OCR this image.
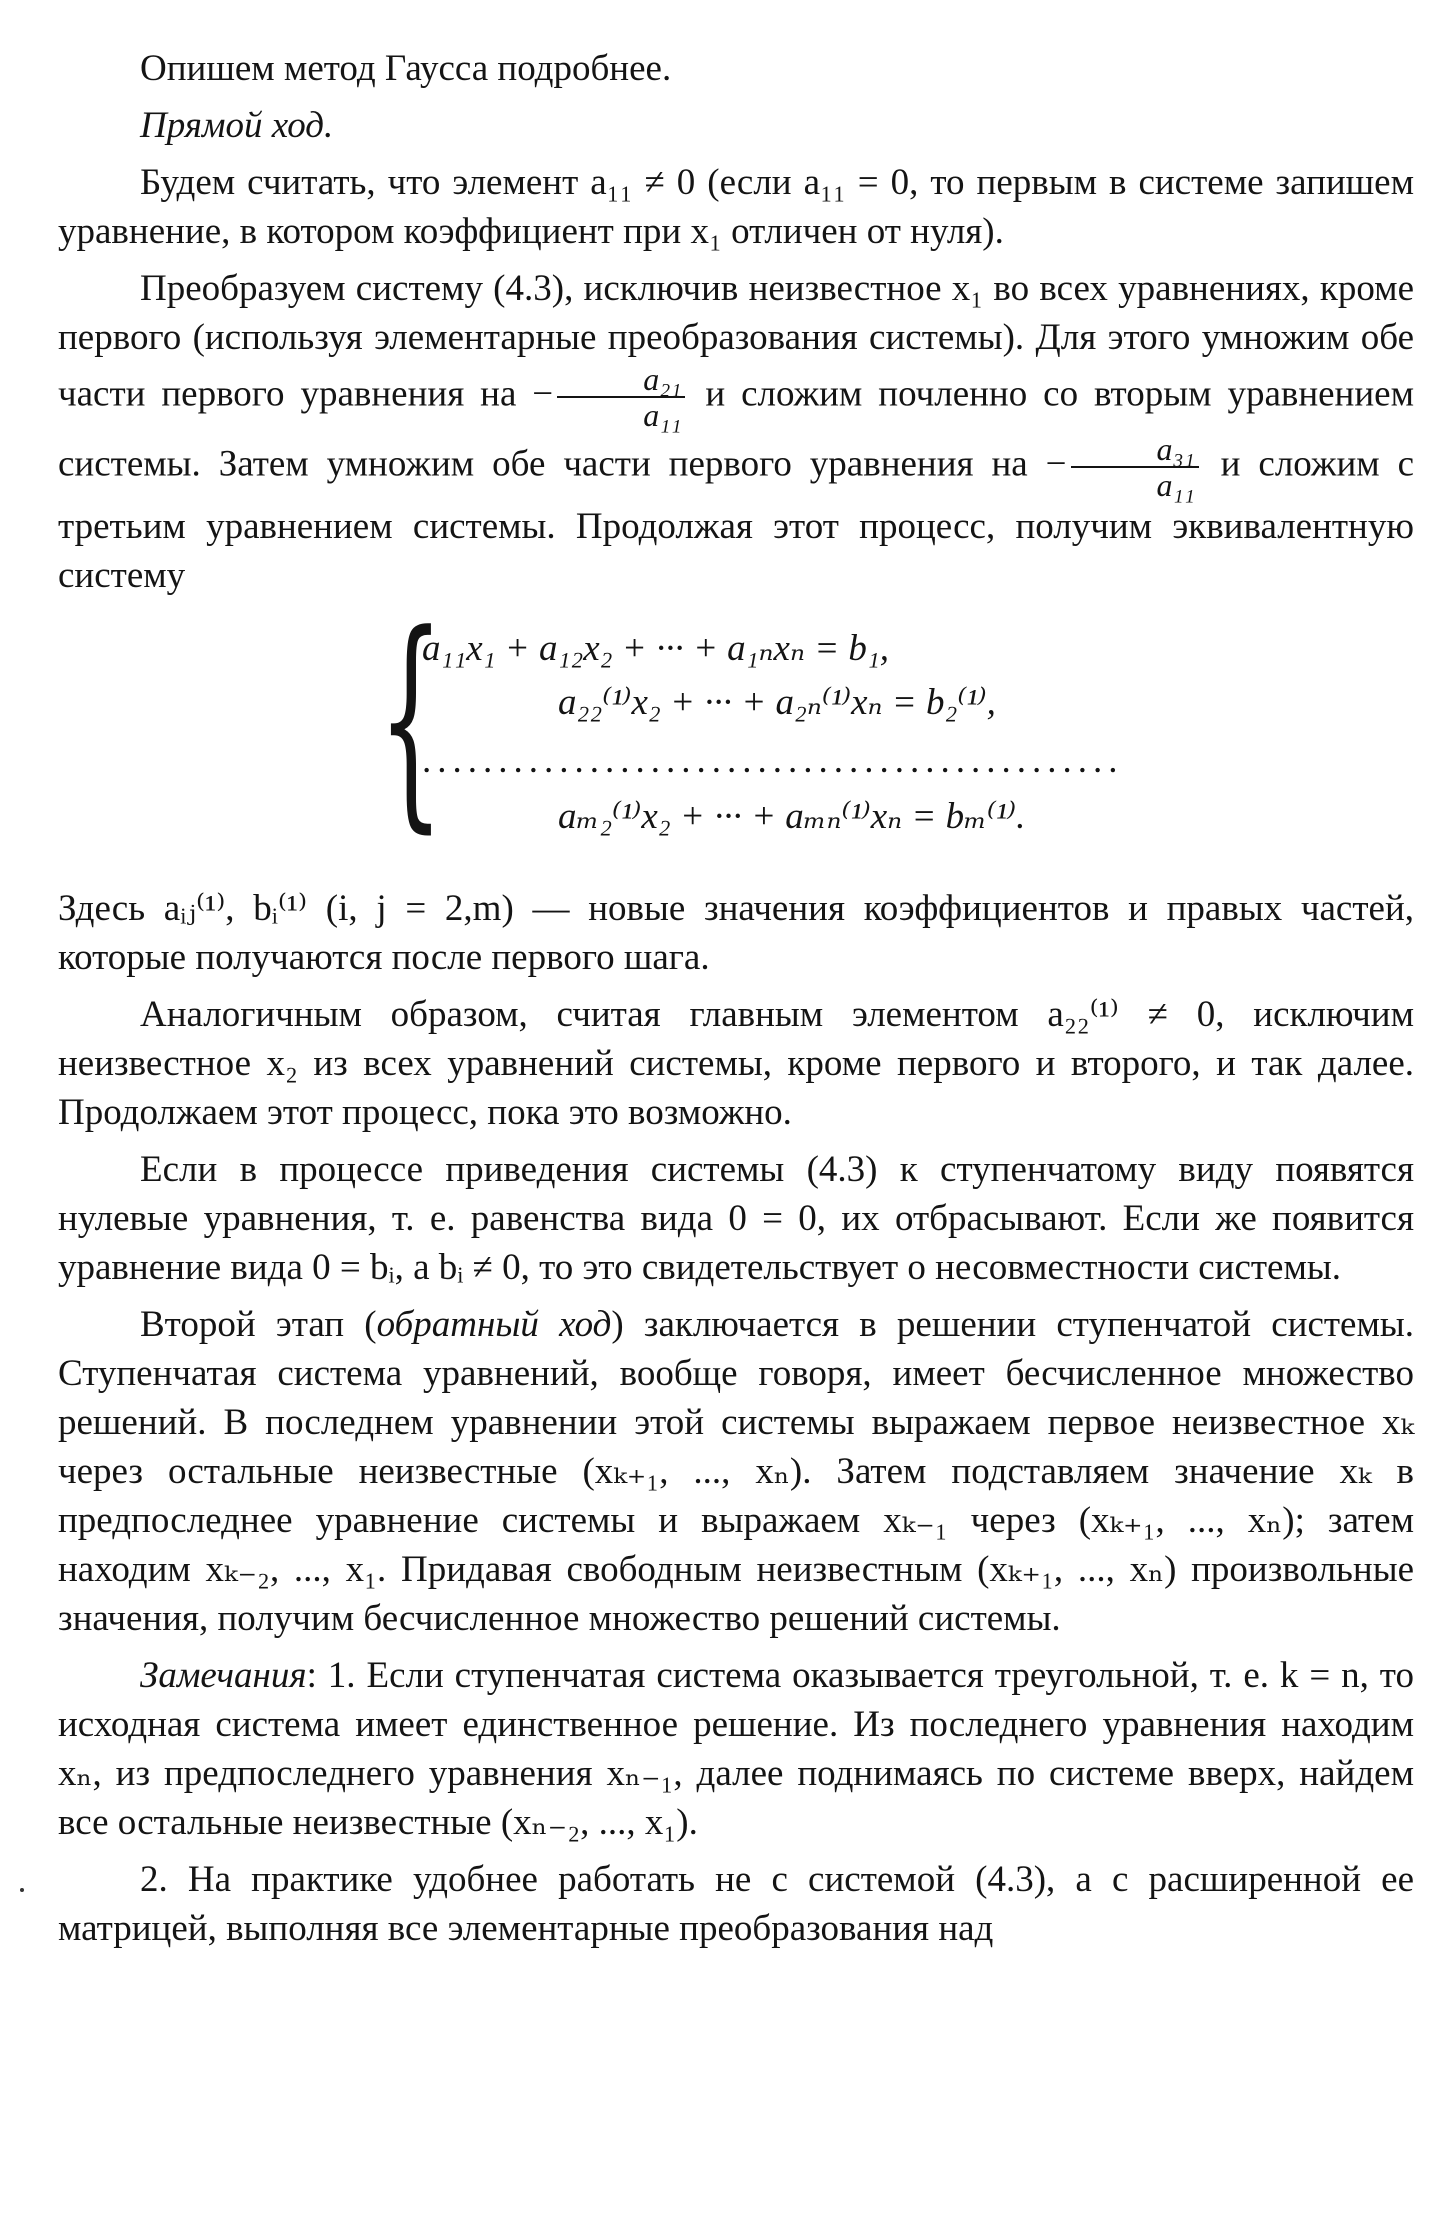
Опишем метод Гаусса подробнее.

Прямой ход.

Будем считать, что элемент a₁₁ ≠ 0 (если a₁₁ = 0, то первым в системе запишем уравнение, в котором коэффициент при x₁ отличен от нуля).

Преобразуем систему (4.3), исключив неизвестное x₁ во всех уравнениях, кроме первого (используя элементарные преобразования системы). Для этого умножим обе части первого уравнения на − $\frac{\text{a₂₁}}{\text{a₁₁}}$ и сложим почленно со вторым уравнением системы. Затем умножим обе части первого уравнения на − $\frac{\text{a₃₁}}{\text{a₁₁}}$ и сложим с третьим уравнением системы. Продолжая этот процесс, получим эквивалентную систему

{
a₁₁x₁ + a₁₂x₂ + ··· + a₁ₙxₙ = b₁,
a₂₂⁽¹⁾x₂ + ··· + a₂ₙ⁽¹⁾xₙ = b₂⁽¹⁾,
..............................................
aₘ₂⁽¹⁾x₂ + ··· + aₘₙ⁽¹⁾xₙ = bₘ⁽¹⁾.

Здесь aᵢⱼ⁽¹⁾, bᵢ⁽¹⁾ (i, j = 2,m) — новые значения коэффициентов и правых частей, которые получаются после первого шага.

Аналогичным образом, считая главным элементом a₂₂⁽¹⁾ ≠ 0, исключим неизвестное x₂ из всех уравнений системы, кроме первого и второго, и так далее. Продолжаем этот процесс, пока это возможно.

Если в процессе приведения системы (4.3) к ступенчатому виду появятся нулевые уравнения, т. е. равенства вида 0 = 0, их отбрасывают. Если же появится уравнение вида 0 = bᵢ, а bᵢ ≠ 0, то это свидетельствует о несовместности системы.

Второй этап (обратный ход) заключается в решении ступенчатой системы. Ступенчатая система уравнений, вообще говоря, имеет бесчисленное множество решений. В последнем уравнении этой системы выражаем первое неизвестное xₖ через остальные неизвестные (xₖ₊₁, ..., xₙ). Затем подставляем значение xₖ в предпоследнее уравнение системы и выражаем xₖ₋₁ через (xₖ₊₁, ..., xₙ); затем находим xₖ₋₂, ..., x₁. Придавая свободным неизвестным (xₖ₊₁, ..., xₙ) произвольные значения, получим бесчисленное множество решений системы.

Замечания: 1. Если ступенчатая система оказывается треугольной, т. е. k = n, то исходная система имеет единственное решение. Из последнего уравнения находим xₙ, из предпоследнего уравнения xₙ₋₁, далее поднимаясь по системе вверх, найдем все остальные неизвестные (xₙ₋₂, ..., x₁).

2. На практике удобнее работать не с системой (4.3), а с расширенной ее матрицей, выполняя все элементарные преобразования над
